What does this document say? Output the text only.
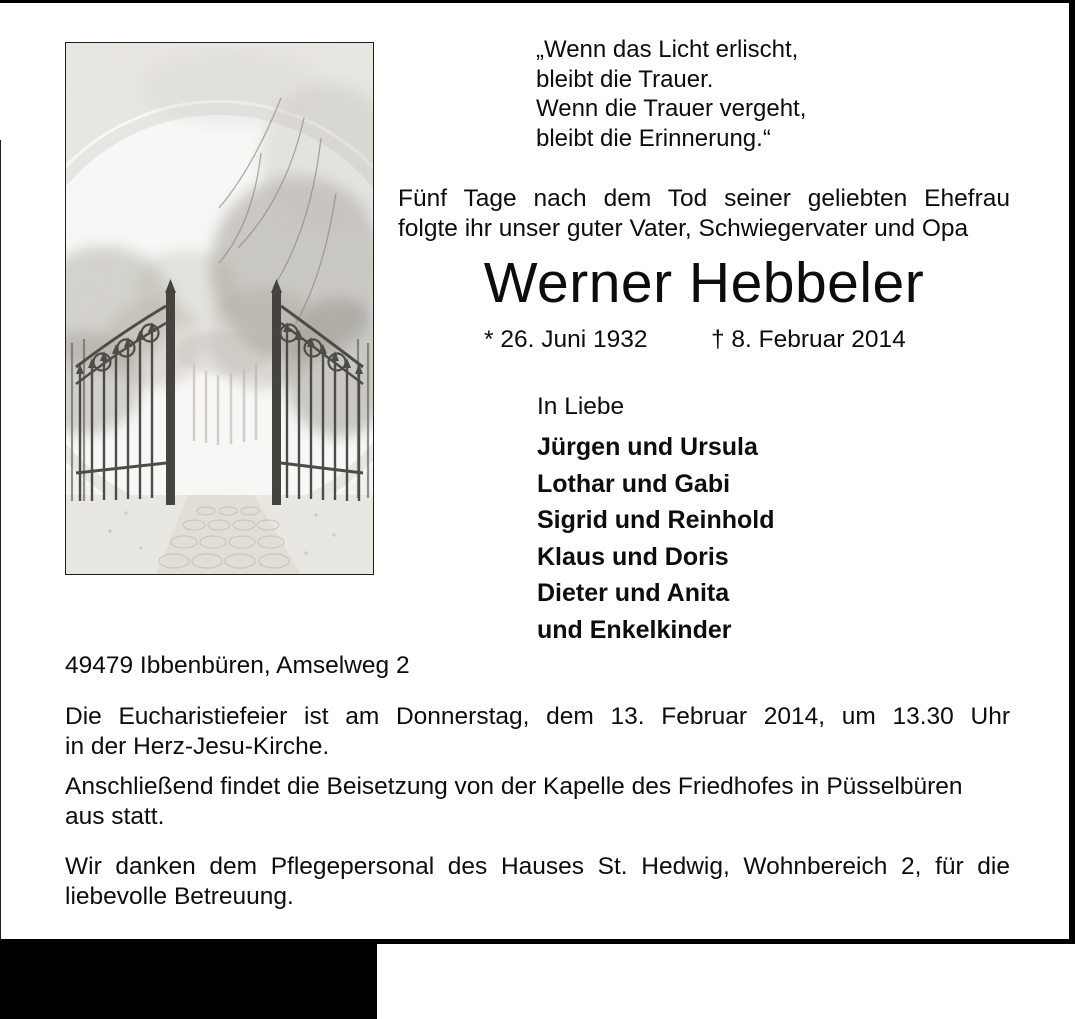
„Wenn das Licht erlischt,
bleibt die Trauer.
Wenn die Trauer vergeht,
bleibt die Erinnerung.“
Fünf Tage nach dem Tod seiner geliebten Ehefrau
folgte ihr unser guter Vater, Schwiegervater und Opa
Werner Hebbeler
* 26. Juni 1932	† 8. Februar 2014
In Liebe
Jürgen und Ursula
Lothar und Gabi
Sigrid und Reinhold
Klaus und Doris
Dieter und Anita
und Enkelkinder
49479 Ibbenbüren, Amselweg 2
Die Eucharistiefeier ist am Donnerstag, dem 13. Februar 2014, um 13.30 Uhr
in der Herz-Jesu-Kirche.
Anschließend findet die Beisetzung von der Kapelle des Friedhofes in Püsselbüren
aus statt.
Wir danken dem Pflegepersonal des Hauses St. Hedwig, Wohnbereich 2, für die
liebevolle Betreuung.
